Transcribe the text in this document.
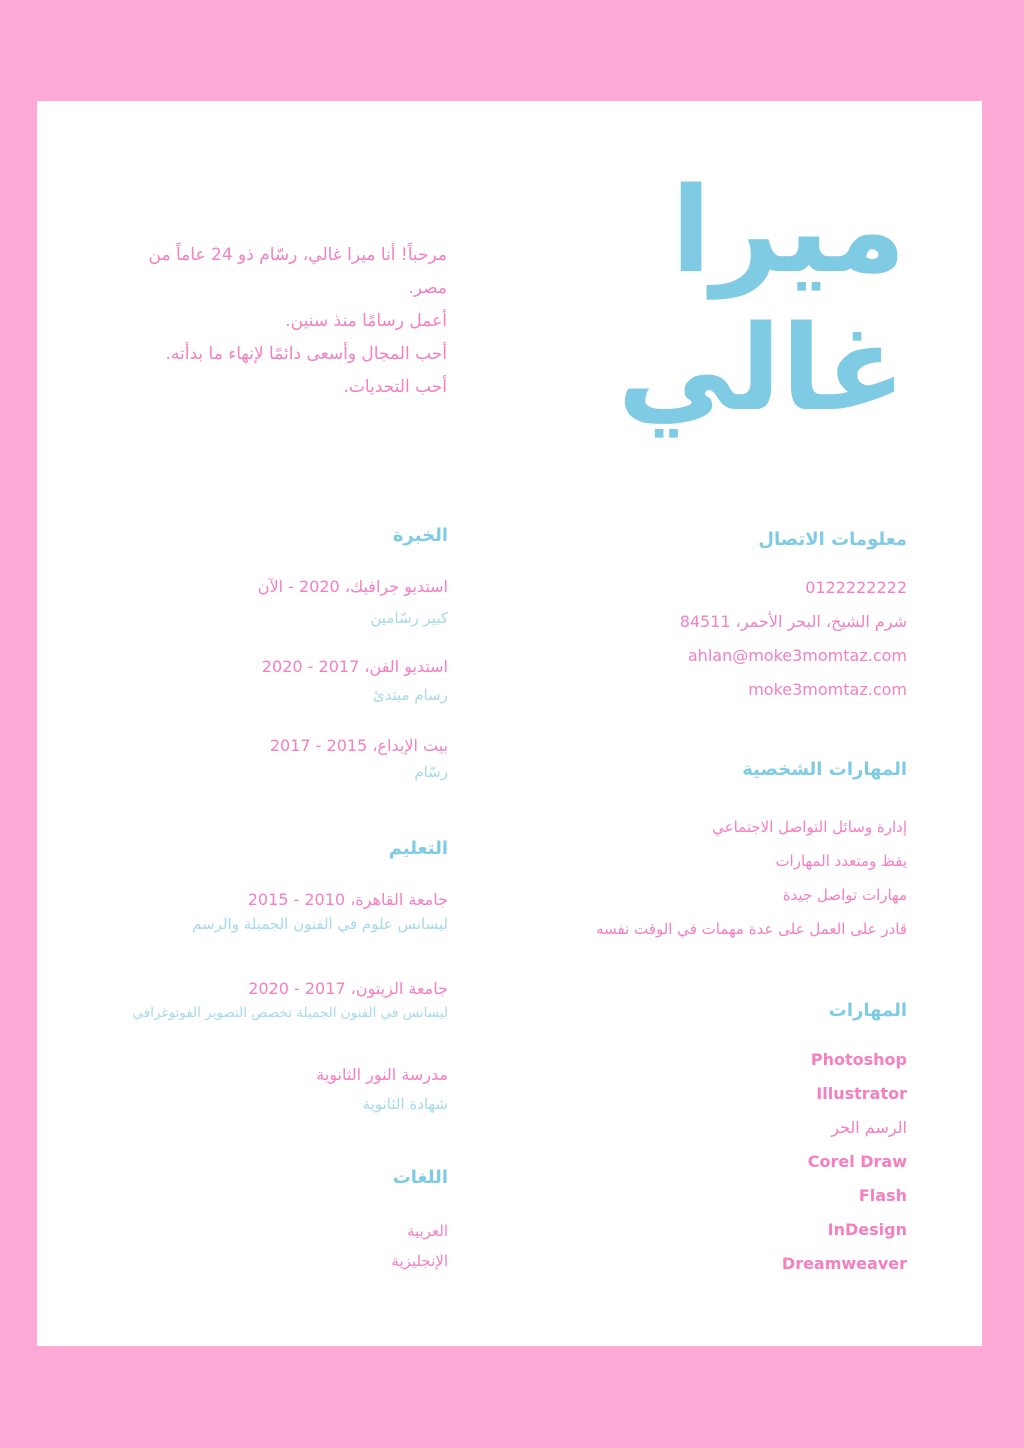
ميرا
غالي
مرحباً! أنا ميرا غالي، رسّام ذو 24 عاماً من
مصر.
أعمل رسامًا منذ سنين.
أحب المجال وأسعى دائمًا لإنهاء ما بدأته.
أحب التحديات.
معلومات الاتصال
0122222222
شرم الشيخ، البحر الأحمر، 84511
ahlan@moke3momtaz.com
moke3momtaz.com
المهارات الشخصية
إدارة وسائل التواصل الاجتماعي
يقظ ومتعدد المهارات
مهارات تواصل جيدة
قادر على العمل على عدة مهمات في الوقت نفسه
المهارات
Photoshop
Illustrator
الرسم الحر
Corel Draw
Flash
InDesign
Dreamweaver
الخبرة
استديو جرافيك، 2020 - الآن
كبير رسّامين
استديو الفن، 2017 - 2020
رسام مبتدئ
بيت الإبداع، 2015 - 2017
رسّام
التعليم
جامعة القاهرة، 2010 - 2015
ليسانس علوم في الفنون الجميلة والرسم
جامعة الزيتون، 2017 - 2020
ليسانس في الفنون الجميلة تخصص التصوير الفوتوغرافي
مدرسة النور الثانوية
شهادة الثانوية
اللغات
العربية
الإنجليزية
